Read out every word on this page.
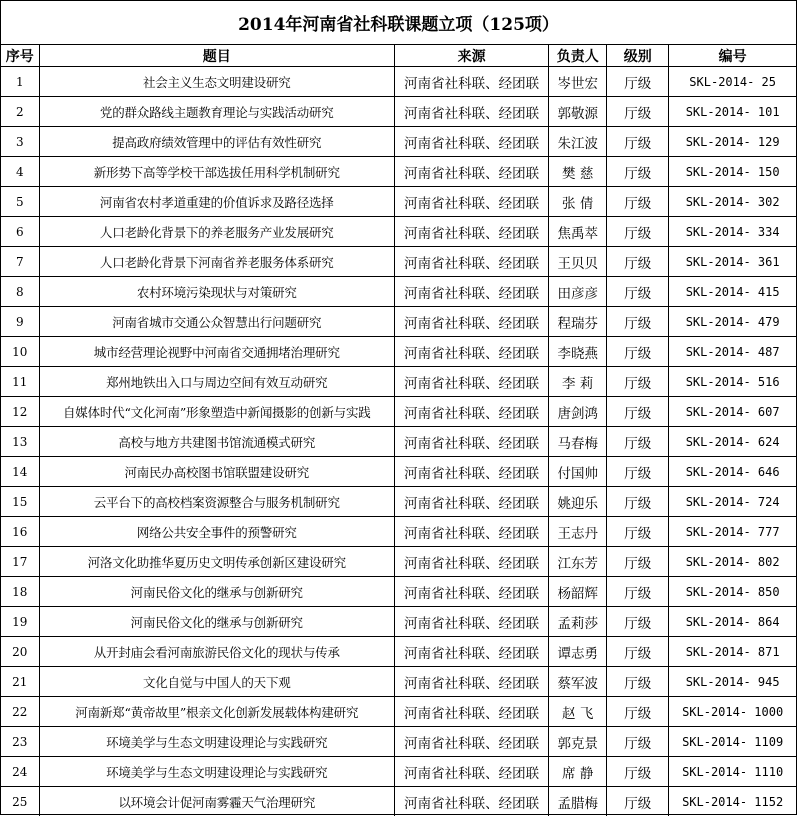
2014年河南省社科联课题立项（125项）
序号	题目	来源	负责人	级别	编号
1	社会主义生态文明建设研究	河南省社科联、经团联	岑世宏	厅级	SKL-2014- 25
2	党的群众路线主题教育理论与实践活动研究	河南省社科联、经团联	郭敬源	厅级	SKL-2014- 101
3	提高政府绩效管理中的评估有效性研究	河南省社科联、经团联	朱江波	厅级	SKL-2014- 129
4	新形势下高等学校干部选拔任用科学机制研究	河南省社科联、经团联	樊 慈	厅级	SKL-2014- 150
5	河南省农村孝道重建的价值诉求及路径选择	河南省社科联、经团联	张 倩	厅级	SKL-2014- 302
6	人口老龄化背景下的养老服务产业发展研究	河南省社科联、经团联	焦禹萃	厅级	SKL-2014- 334
7	人口老龄化背景下河南省养老服务体系研究	河南省社科联、经团联	王贝贝	厅级	SKL-2014- 361
8	农村环境污染现状与对策研究	河南省社科联、经团联	田彦彦	厅级	SKL-2014- 415
9	河南省城市交通公众智慧出行问题研究	河南省社科联、经团联	程瑞芬	厅级	SKL-2014- 479
10	城市经营理论视野中河南省交通拥堵治理研究	河南省社科联、经团联	李晓燕	厅级	SKL-2014- 487
11	郑州地铁出入口与周边空间有效互动研究	河南省社科联、经团联	李 莉	厅级	SKL-2014- 516
12	自媒体时代“文化河南”形象塑造中新闻摄影的创新与实践	河南省社科联、经团联	唐剑鸿	厅级	SKL-2014- 607
13	高校与地方共建图书馆流通模式研究	河南省社科联、经团联	马春梅	厅级	SKL-2014- 624
14	河南民办高校图书馆联盟建设研究	河南省社科联、经团联	付国帅	厅级	SKL-2014- 646
15	云平台下的高校档案资源整合与服务机制研究	河南省社科联、经团联	姚迎乐	厅级	SKL-2014- 724
16	网络公共安全事件的预警研究	河南省社科联、经团联	王志丹	厅级	SKL-2014- 777
17	河洛文化助推华夏历史文明传承创新区建设研究	河南省社科联、经团联	江东芳	厅级	SKL-2014- 802
18	河南民俗文化的继承与创新研究	河南省社科联、经团联	杨韶辉	厅级	SKL-2014- 850
19	河南民俗文化的继承与创新研究	河南省社科联、经团联	孟莉莎	厅级	SKL-2014- 864
20	从开封庙会看河南旅游民俗文化的现状与传承	河南省社科联、经团联	谭志勇	厅级	SKL-2014- 871
21	文化自觉与中国人的天下观	河南省社科联、经团联	蔡军波	厅级	SKL-2014- 945
22	河南新郑“黄帝故里”根亲文化创新发展载体构建研究	河南省社科联、经团联	赵 飞	厅级	SKL-2014- 1000
23	环境美学与生态文明建设理论与实践研究	河南省社科联、经团联	郭克景	厅级	SKL-2014- 1109
24	环境美学与生态文明建设理论与实践研究	河南省社科联、经团联	席 静	厅级	SKL-2014- 1110
25	以环境会计促河南雾霾天气治理研究	河南省社科联、经团联	孟腊梅	厅级	SKL-2014- 1152
